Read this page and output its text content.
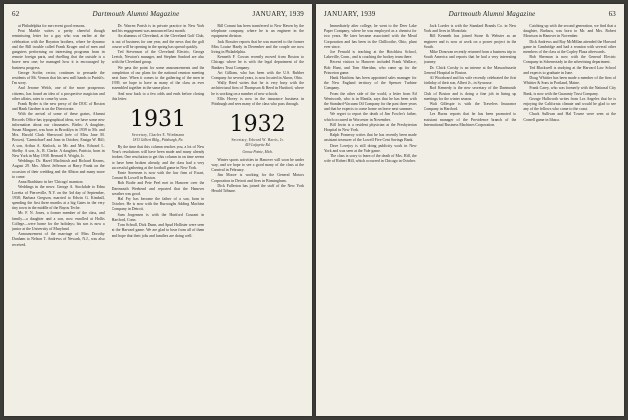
62	Dartmouth Alumni Magazine	JANUARY, 1939

at Philadelphia for me recent good reasons.

Peat Marble writes a pretty cheerful though reminiscing letter for a guy who was earlier at the celebration with the Boynton brothers, where he dynamo and the Bill trouble called Frank Kruger and of men and gangsters performing on interesting programs from in remote foreign parts, and dwelling that the outside is a brave new one; he managed how it is encouraged by business progress.

George Scribe, rector, continues to persuade the residents of Mt. Vernon that his new mill hands to Parish's. I'm sorry.

And Jerome Welch, one of the more prosperous citizens, has found an idea of a prospective magician and other affairs, rates to come by soon.

Frank Ryder is the new prexy of the DOC of Boston and Hank Gardner is on the Directorate.

With the arrival of some of these grains, Alumni Records Office has typographical ideas, we have some new information about our classmates. Births: A daughter, Susan Margaret, was born in Brooklyn in 1939 to Mr. and Mrs. Harold Clark Sherwood (née of Miss Jane M. Brown). 'Carmichael' and Joan in October, Ensign W. Bill; A son, Arthur A. Kinlock, to Mr. and Mrs. Edward L. Shelby. A son, Jr., R. Clarke. A daughter, Patricia, born in New York in May 1938. Bernard S. Wright, Jr.

Weddings: Dr. Hazel MacIntosh and Richard Kearns, August 29. Mrs. Albert Jefferson at Harry Frank on the occasion of their wedding and the Albion and many more to come.

Anna Bradshaw in her 'Chicago' mansion.

Weddings in the news: George A. Stockdale to Edna Loretta of Pierceville, N.Y. on the 3rd day of September, 1938; Barbara Gregson, married to Edwin G. Kimball, spending the first three months at a big Gates in the very tiny town in the middle of the Bayou Teche.

Mr. F. N. Jones, a former member of the class, and family—a daughter and a son, now enrolled at Hollis College—were home for the holidays; his son is now a junior at the University of Maryland.

Announcement of the marriage of Miss Dorothy Dunham to Nelson T. Andrews of Newark, N.J., was also received.

Dr. Warren Parish is in private practice in New York and his engagement was announced last month.

An alumnus of Cleveland, at the Cleveland Golf Club, is out of business for one year, and the news that the golf course will be opening in the spring has spread quickly.

Ted Stevenson of the Cleveland Electric, George Leetch, Newton's manager, and Stephen Sanford are also with the Cleveland group.

We pass the point for some announcements and the completion of our plans for the national reunion meeting next June. When it comes to the gathering of the men in 1939, we hope to have as many of the class as ever assembled together in the same place.

And now back to a few odds and ends before closing this letter.

1931
Secretary, Charles E. Wiedmann
1813 Gilbert Bldg., Pittsburgh, Pa.

By the time that this column reaches you, a lot of New Year's resolutions will have been made and many already broken. One resolution to get this column in on time seems to have been broken already, and the class had a very successful gathering at the football game in New York.

Ernie Sorensen is now with the law firm of Ewart, Conant & Lowell in Boston.

Bob Bodie and Pete Peel met in Hanover over the Dartmouth Weekend and reported that the Hanover weather was good.

Hal Fry has become the father of a son, born in October. He is now with the Burroughs Adding Machine Company in Detroit.

Sam Jorgensen is with the Hartford Courant in Hartford, Conn.

Tom Schrall, Dick Dunn, and Spud Hollister were seen at the Harvard game. We are glad to hear from all of them and hope that their jobs and families are doing well.

Bill Conant has been transferred to New Haven by the telephone company, where he is an engineer in the equipment division.

Jack Rossiter reports that he was married to the former Miss Louise Hardy in December and the couple are now living in Philadelphia.

Kenneth F. Cowan recently moved from Boston to Chicago where he is with the legal department of the Bankers Trust Company.

Art Gilliam, who has been with the U.S. Rubber Company for several years, is now located in Akron, Ohio.

Wally Reed writes that he is very busy with the architectural firm of Thompson & Reed in Hartford, where he is working on a number of new schools.

Ellis Hovey is now in the insurance business in Pittsburgh and sees many of the class who pass through.

1932
Secretary, Edward W. Harris, Jr.
419 Lafayette Rd.
Grosse Pointe, Mich.

Winter sports activities in Hanover will soon be under way, and we hope to see a good many of the class at the Carnival in February.

Jim Moore is working for the General Motors Corporation in Detroit and lives in Birmingham.

Dick Fullerton has joined the staff of the New York Herald Tribune.

JANUARY, 1939	Dartmouth Alumni Magazine	63

Immediately after college, he went to the Deer Lake Paper Company, where he was employed as a chemist for two years. He later became associated with the Mead Corporation and has been in the Chillicothe, Ohio, plant ever since.

Joe Fernald is teaching at the Hotchkiss School, Lakeville, Conn., and is coaching the hockey team there.

Recent visitors to Hanover included Frank Wallace, Bob Hunt, and Tom Sheridan, who came up for the Princeton game.

Hank Hutchins has been appointed sales manager for the New England territory of the Spencer Turbine Company.

From the other side of the world, a letter from Ed Wentworth, who is in Manila, says that he has been with the Standard-Vacuum Oil Company for the past three years and that he expects to come home on leave next summer.

We regret to report the death of Jim Fowler's father, which occurred in Worcester in November.

Bill Irwin is a resident physician at the Presbyterian Hospital in New York.

Ralph Pomeroy writes that he has recently been made assistant treasurer of the Lowell Five Cent Savings Bank.

Dave Lovejoy is still doing publicity work in New York and was seen at the Yale game.

The class is sorry to learn of the death of Mrs. Hill, the wife of Robert Hill, which occurred in Chicago in October.

Jack Loeder is with the Standard Brands Co. in New York and lives in Montclair.

Bill Kenneth has joined Stone & Webster as an engineer and is now at work on a power project in the South.

Mike Donovan recently returned from a business trip to South America and reports that he had a very interesting journey.

Dr. Chick Crosby is an interne at the Massachusetts General Hospital in Boston.

Al Woodward and his wife recently celebrated the first birthday of their son, Albert Jr., in Syracuse.

Rod Kennedy is the new secretary of the Dartmouth Club of Boston and is doing a fine job in lining up meetings for the winter season.

Walt Gillespie is with the Travelers Insurance Company in Hartford.

Les Burns reports that he has been promoted to assistant manager of the Providence branch of the International Business Machines Corporation.

Catching up with the second generation, we find that a daughter, Barbara, was born to Mr. and Mrs. Robert Morrison in Hanover in November.

Dick Andrews and Ray McMillan attended the Harvard game in Cambridge and had a reunion with several other members of the class at the Copley Plaza afterwards.

Bob Sherman is now with the General Electric Company in Schenectady in the advertising department.

Ted Blackwell is studying at the Harvard Law School and expects to graduate in June.

Doug Whittier has been made a member of the firm of Whittier & Sons in Portland, Maine.

Frank Carey, who was formerly with the National City Bank, is now with the Guaranty Trust Company.

George Hallworth writes from Los Angeles that he is enjoying the California climate and would be glad to see any of the fellows who come to the coast.

Chuck Sullivan and Hal Towne were seen at the Cornell game in Ithaca.
